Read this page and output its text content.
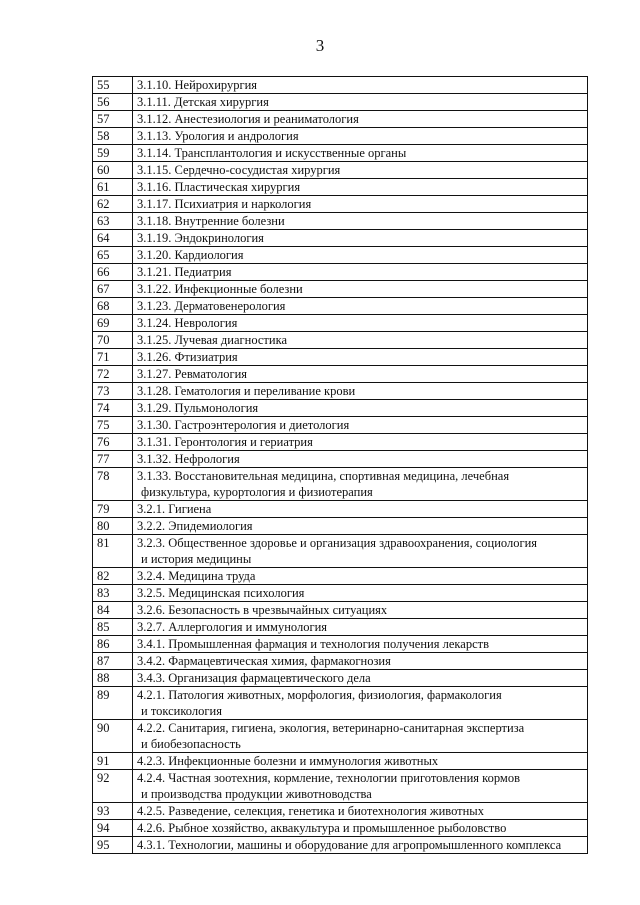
3
55	3.1.10. Нейрохирургия
56	3.1.11. Детская хирургия
57	3.1.12. Анестезиология и реаниматология
58	3.1.13. Урология и андрология
59	3.1.14. Трансплантология и искусственные органы
60	3.1.15. Сердечно-сосудистая хирургия
61	3.1.16. Пластическая хирургия
62	3.1.17. Психиатрия и наркология
63	3.1.18. Внутренние болезни
64	3.1.19. Эндокринология
65	3.1.20. Кардиология
66	3.1.21. Педиатрия
67	3.1.22. Инфекционные болезни
68	3.1.23. Дерматовенерология
69	3.1.24. Неврология
70	3.1.25. Лучевая диагностика
71	3.1.26. Фтизиатрия
72	3.1.27. Ревматология
73	3.1.28. Гематология и переливание крови
74	3.1.29. Пульмонология
75	3.1.30. Гастроэнтерология и диетология
76	3.1.31. Геронтология и гериатрия
77	3.1.32. Нефрология
78	3.1.33. Восстановительная медицина, спортивная медицина, лечебная
физкультура, курортология и физиотерапия

79	3.2.1. Гигиена
80	3.2.2. Эпидемиология
81	3.2.3. Общественное здоровье и организация здравоохранения, социология
и история медицины

82	3.2.4. Медицина труда
83	3.2.5. Медицинская психология
84	3.2.6. Безопасность в чрезвычайных ситуациях
85	3.2.7. Аллергология и иммунология
86	3.4.1. Промышленная фармация и технология получения лекарств
87	3.4.2. Фармацевтическая химия, фармакогнозия
88	3.4.3. Организация фармацевтического дела
89	4.2.1. Патология животных, морфология, физиология, фармакология
и токсикология

90	4.2.2. Санитария, гигиена, экология, ветеринарно-санитарная экспертиза
и биобезопасность

91	4.2.3. Инфекционные болезни и иммунология животных
92	4.2.4. Частная зоотехния, кормление, технологии приготовления кормов
и производства продукции животноводства

93	4.2.5. Разведение, селекция, генетика и биотехнология животных
94	4.2.6. Рыбное хозяйство, аквакультура и промышленное рыболовство
95	4.3.1. Технологии, машины и оборудование для агропромышленного комплекса
